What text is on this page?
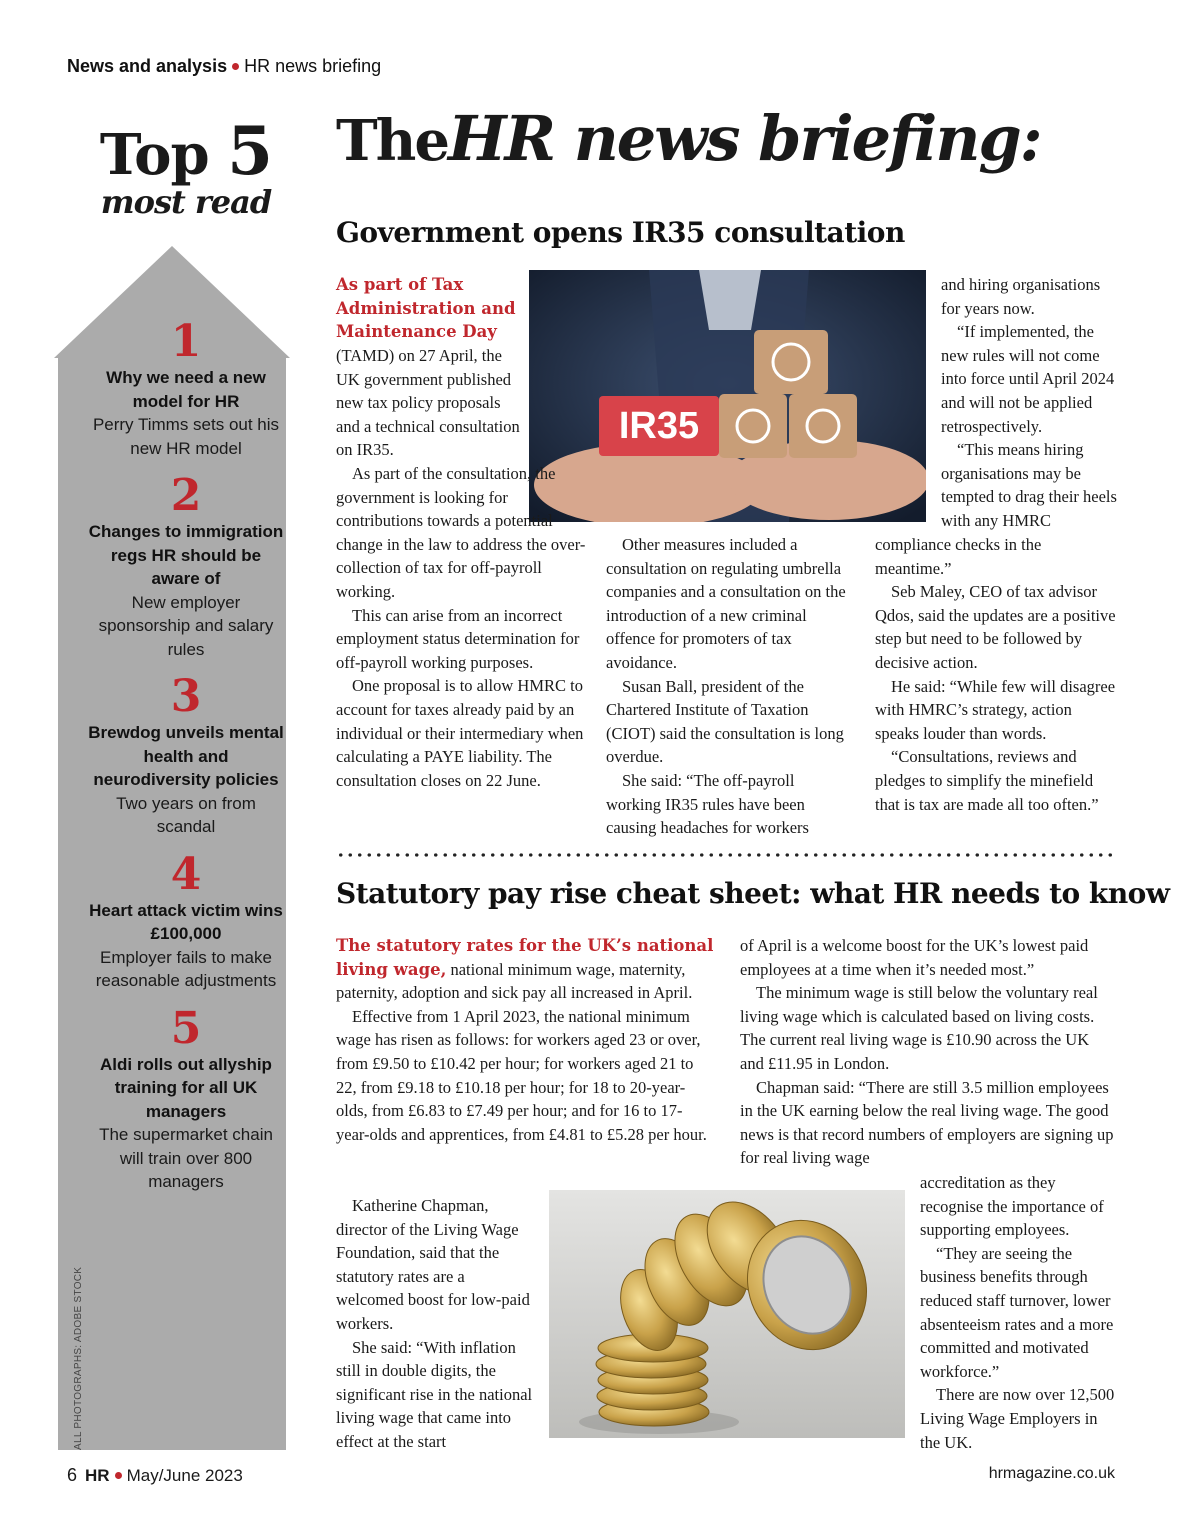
News and analysis HR news briefing
Top 5
most read
1
Why we need a new model for HR
Perry Timms sets out his new HR model
2
Changes to immigration regs HR should be aware of
New employer sponsorship and salary rules
3
Brewdog unveils mental health and neurodiversity policies
Two years on from scandal
4
Heart attack victim wins £100,000
Employer fails to make reasonable adjustments
5
Aldi rolls out allyship training for all UK managers
The supermarket chain will train over 800 managers
ALL PHOTOGRAPHS: ADOBE STOCK
TheHR news briefing:
Government opens IR35 consultation
IR35

As part of Tax Administration and Maintenance Day

(TAMD) on 27 April, the UK government published new tax policy proposals and a technical consultation on IR35.

As part of the consultation, the government is looking for contributions towards a potential change in the law to address the over-collection of tax for off-payroll working.

This can arise from an incorrect employment status determination for off-payroll working purposes.

One proposal is to allow HMRC to account for taxes already paid by an individual or their intermediary when calculating a PAYE liability. The consultation closes on 22 June.

Other measures included a consultation on regulating umbrella companies and a consultation on the introduction of a new criminal offence for promoters of tax avoidance.

Susan Ball, president of the Chartered Institute of Taxation (CIOT) said the consultation is long overdue.

She said: “The off-payroll working IR35 rules have been causing headaches for workers

and hiring organisations for years now.

“If implemented, the new rules will not come into force until April 2024 and will not be applied retrospectively.

“This means hiring organisations may be tempted to drag their heels with any HMRC

compliance checks in the meantime.”

Seb Maley, CEO of tax advisor Qdos, said the updates are a positive step but need to be followed by decisive action.

He said: “While few will disagree with HMRC’s strategy, action speaks louder than words.

“Consultations, reviews and pledges to simplify the minefield that is tax are made all too often.”

Statutory pay rise cheat sheet: what HR needs to know

The statutory rates for the UK’s national living wage, national minimum wage, maternity, paternity, adoption and sick pay all increased in April.

Effective from 1 April 2023, the national minimum wage has risen as follows: for workers aged 23 or over, from £9.50 to £10.42 per hour; for workers aged 21 to 22, from £9.18 to £10.18 per hour; for 18 to 20-year-olds, from £6.83 to £7.49 per hour; and for 16 to 17-year-olds and apprentices, from £4.81 to £5.28 per hour.

Katherine Chapman, director of the Living Wage Foundation, said that the statutory rates are a welcomed boost for low-paid workers.

She said: “With inflation still in double digits, the significant rise in the national living wage that came into effect at the start

of April is a welcome boost for the UK’s lowest paid employees at a time when it’s needed most.”

The minimum wage is still below the voluntary real living wage which is calculated based on living costs. The current real living wage is £10.90 across the UK and £11.95 in London.

Chapman said: “There are still 3.5 million employees in the UK earning below the real living wage. The good news is that record numbers of employers are signing up for real living wage

accreditation as they recognise the importance of supporting employees.

“They are seeing the business benefits through reduced staff turnover, lower absenteeism rates and a more committed and motivated workforce.”

There are now over 12,500 Living Wage Employers in the UK.

6 HR May/June 2023	hrmagazine.co.uk
